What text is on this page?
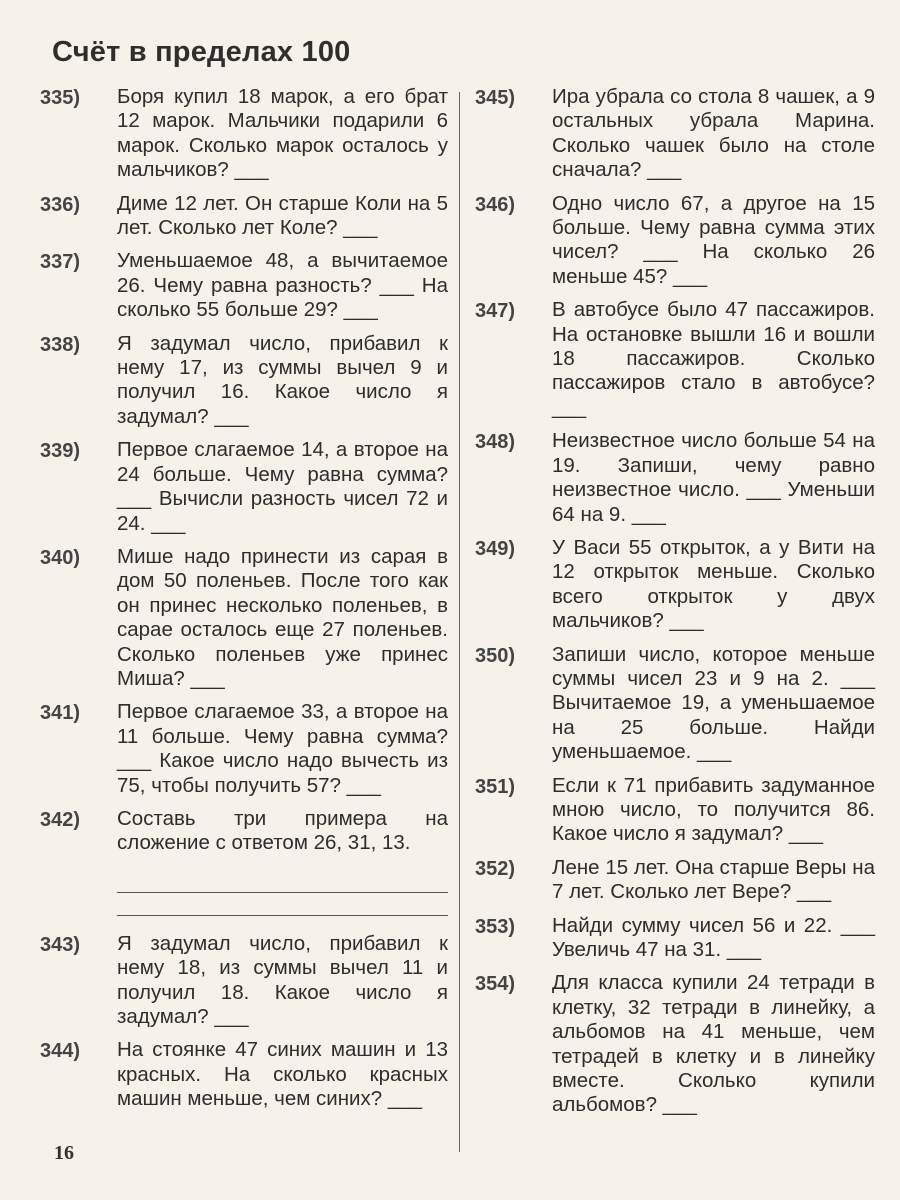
Счёт в пределах 100
335)	Боря купил 18 марок, а его брат 12 марок. Мальчики подарили 6 марок. Сколько марок осталось у мальчиков? ___
336)	Диме 12 лет. Он старше Коли на 5 лет. Сколько лет Коле? ___
337)	Уменьшаемое 48, а вычитаемое 26. Чему равна разность? ___ На сколько 55 больше 29? ___
338)	Я задумал число, прибавил к нему 17, из суммы вычел 9 и получил 16. Какое число я задумал? ___
339)	Первое слагаемое 14, а второе на 24 больше. Чему равна сумма? ___ Вычисли разность чисел 72 и 24. ___
340)	Мише надо принести из сарая в дом 50 поленьев. После того как он принес несколько поленьев, в сарае осталось еще 27 поленьев. Сколько поленьев уже принес Миша? ___
341)	Первое слагаемое 33, а второе на 11 больше. Чему равна сумма? ___ Какое число надо вычесть из 75, чтобы получить 57? ___
342)	Составь три примера на сложение с ответом 26, 31, 13.
343)	Я задумал число, прибавил к нему 18, из суммы вычел 11 и получил 18. Какое число я задумал? ___
344)	На стоянке 47 синих машин и 13 красных. На сколько красных машин меньше, чем синих? ___
345)	Ира убрала со стола 8 чашек, а 9 остальных убрала Марина. Сколько чашек было на столе сначала? ___
346)	Одно число 67, а другое на 15 больше. Чему равна сумма этих чисел? ___ На сколько 26 меньше 45? ___
347)	В автобусе было 47 пассажиров. На остановке вышли 16 и вошли 18 пассажиров. Сколько пассажиров стало в автобусе? ___
348)	Неизвестное число больше 54 на 19. Запиши, чему равно неизвестное число. ___ Уменьши 64 на 9. ___
349)	У Васи 55 открыток, а у Вити на 12 открыток меньше. Сколько всего открыток у двух мальчиков? ___
350)	Запиши число, которое меньше суммы чисел 23 и 9 на 2. ___ Вычитаемое 19, а уменьшаемое на 25 больше. Найди уменьшаемое. ___
351)	Если к 71 прибавить задуманное мною число, то получится 86. Какое число я задумал? ___
352)	Лене 15 лет. Она старше Веры на 7 лет. Сколько лет Вере? ___
353)	Найди сумму чисел 56 и 22. ___ Увеличь 47 на 31. ___
354)	Для класса купили 24 тетради в клетку, 32 тетради в линейку, а альбомов на 41 меньше, чем тетрадей в клетку и в линейку вместе. Сколько купили альбомов? ___
16
